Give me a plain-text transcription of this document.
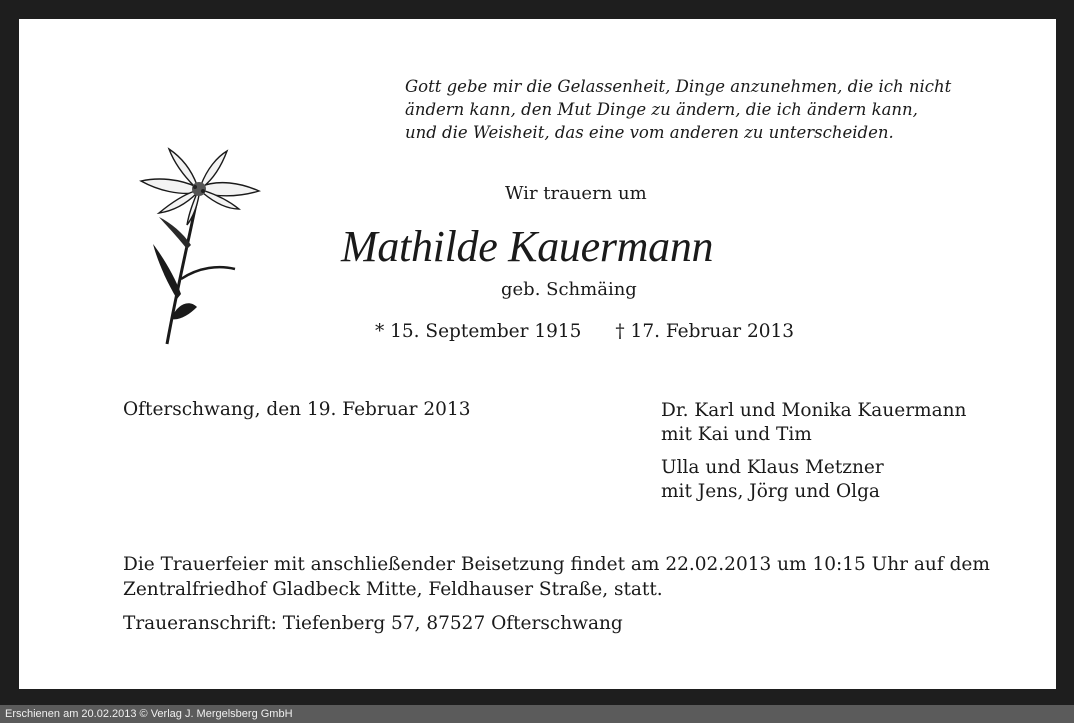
Gott gebe mir die Gelassenheit, Dinge anzunehmen, die ich nicht
ändern kann, den Mut Dinge zu ändern, die ich ändern kann,
und die Weisheit, das eine vom anderen zu unterscheiden.

Wir trauern um

Mathilde Kauermann

geb. Schmäing

* 15. September 1915 † 17. Februar 2013

Ofterschwang, den 19. Februar 2013	Dr. Karl und Monika Kauermann
mit Kai und Tim
Ulla und Klaus Metzner
mit Jens, Jörg und Olga
Die Trauerfeier mit anschließender Beisetzung findet am 22.02.2013 um 10:15 Uhr auf dem
Zentralfriedhof Gladbeck Mitte, Feldhauser Straße, statt.

Traueranschrift: Tiefenberg 57, 87527 Ofterschwang

Erschienen am 20.02.2013 © Verlag J. Mergelsberg GmbH
